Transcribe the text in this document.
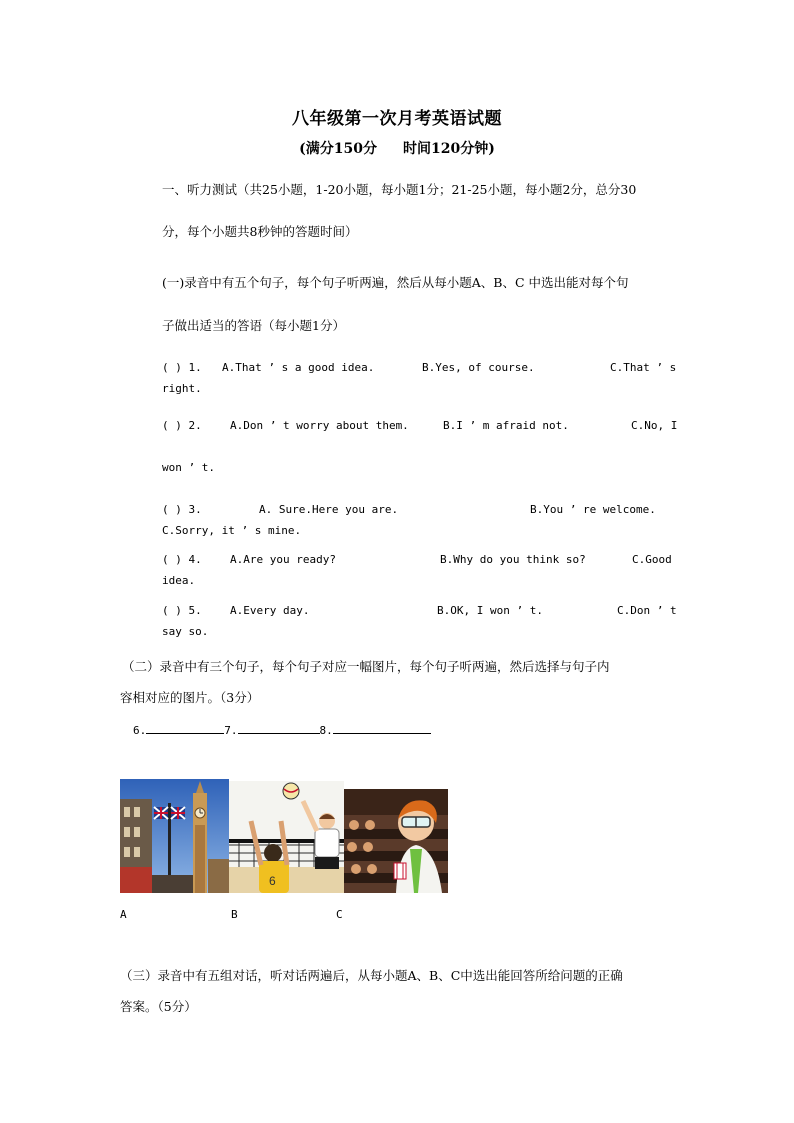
八年级第一次月考英语试题
(满分150分 时间120分钟)
一、听力测试（共25小题，1-20小题，每小题1分；21-25小题，每小题2分，总分30
分，每个小题共8秒钟的答题时间）
(一)录音中有五个句子，每个句子听两遍，然后从每小题A、B、C 中选出能对每个句
子做出适当的答语（每小题1分）
( ) 1. A.That ’ s a good idea.	B.Yes, of course.	C.That ’ s
right.
( ) 2.	A.Don ’ t worry about them.	B.I ’ m afraid not.	C.No, I
won ’ t.
( ) 3.	A. Sure.Here you are.	B.You ’ re welcome.
C.Sorry, it ’ s mine.
( ) 4.	A.Are you ready?	B.Why do you think so?	C.Good
idea.
( ) 5.	A.Every day.	B.OK, I won ’ t.	C.Don ’ t
say so.
（二）录音中有三个句子，每个句子对应一幅图片，每个句子听两遍，然后选择与句子内
容相对应的图片。（3分）
6.	7.	8.
6
A	B	C
（三）录音中有五组对话，听对话两遍后，从每小题A、B、C中选出能回答所给问题的正确
答案。（5分）
